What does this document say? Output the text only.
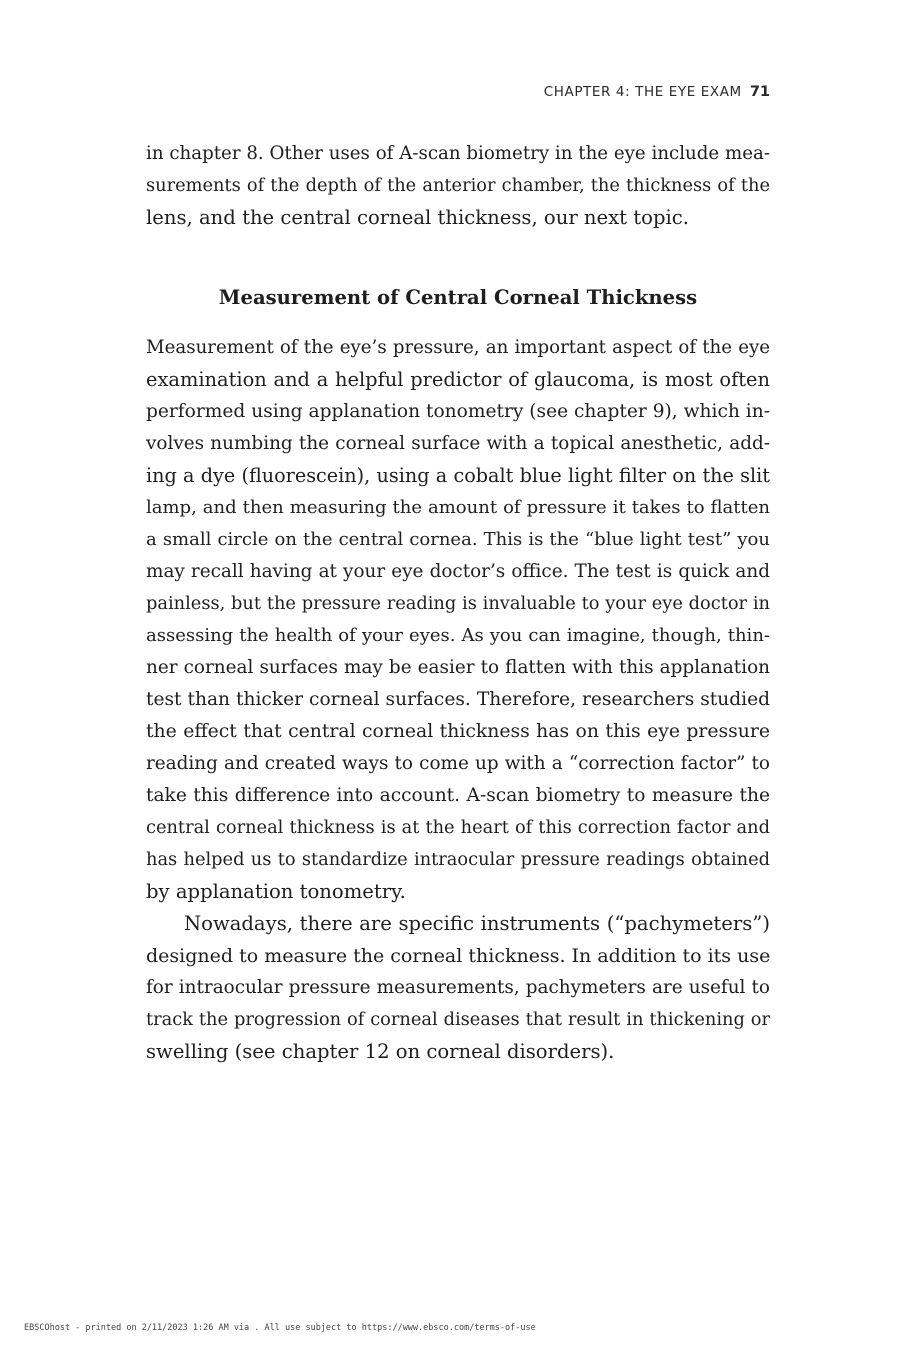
CHAPTER 4: THE EYE EXAM 71

in chapter 8. Other uses of A-scan biometry in the eye include mea-
surements of the depth of the anterior chamber, the thickness of the
lens, and the central corneal thickness, our next topic.

Measurement of Central Corneal Thickness

Measurement of the eye’s pressure, an important aspect of the eye
examination and a helpful predictor of glaucoma, is most often
performed using applanation tonometry (see chapter 9), which in-
volves numbing the corneal surface with a topical anesthetic, add-
ing a dye (fluorescein), using a cobalt blue light filter on the slit
lamp, and then measuring the amount of pressure it takes to flatten
a small circle on the central cornea. This is the “blue light test” you
may recall having at your eye doctor’s office. The test is quick and
painless, but the pressure reading is invaluable to your eye doctor in
assessing the health of your eyes. As you can imagine, though, thin-
ner corneal surfaces may be easier to flatten with this applanation
test than thicker corneal surfaces. Therefore, researchers studied
the effect that central corneal thickness has on this eye pressure
reading and created ways to come up with a “correction factor” to
take this difference into account. A-scan biometry to measure the
central corneal thickness is at the heart of this correction factor and
has helped us to standardize intraocular pressure readings obtained
by applanation tonometry.

Nowadays, there are specific instruments (“pachymeters”)
designed to measure the corneal thickness. In addition to its use
for intraocular pressure measurements, pachymeters are useful to
track the progression of corneal diseases that result in thickening or
swelling (see chapter 12 on corneal disorders).

EBSCOhost - printed on 2/11/2023 1:26 AM via . All use subject to https://www.ebsco.com/terms-of-use
